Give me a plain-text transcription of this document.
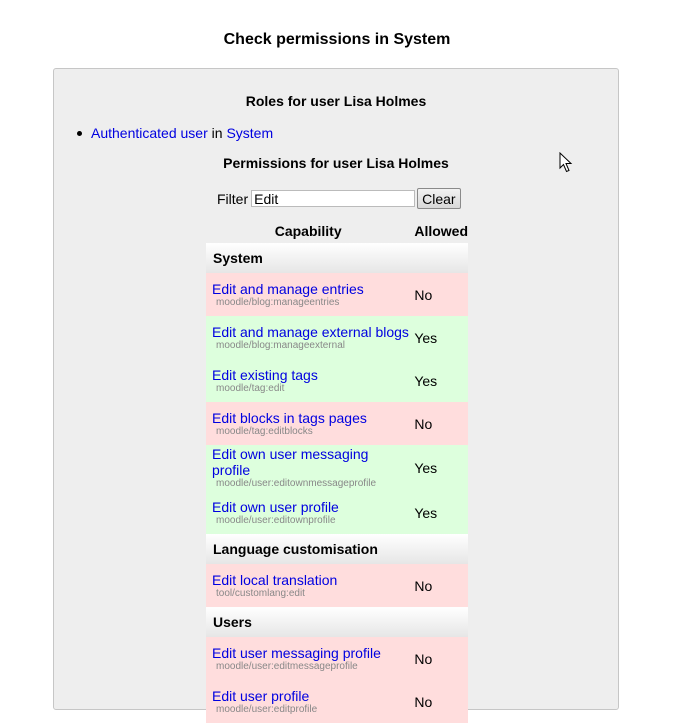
Check permissions in System
Roles for user Lisa Holmes
Authenticated user in System
Permissions for user Lisa Holmes
Filter
Edit	Clear
Capability	Allowed
System	

Edit and manage entries
moodle/blog:manageentries	No

Edit and manage external blogs
moodle/blog:manageexternal	Yes

Edit existing tags
moodle/tag:edit	Yes

Edit blocks in tags pages
moodle/tag:editblocks	No

Edit own user messaging profile
moodle/user:editownmessageprofile	Yes

Edit own user profile
moodle/user:editownprofile	Yes
Language customisation	

Edit local translation
tool/customlang:edit	No
Users	

Edit user messaging profile
moodle/user:editmessageprofile	No

Edit user profile
moodle/user:editprofile	No
